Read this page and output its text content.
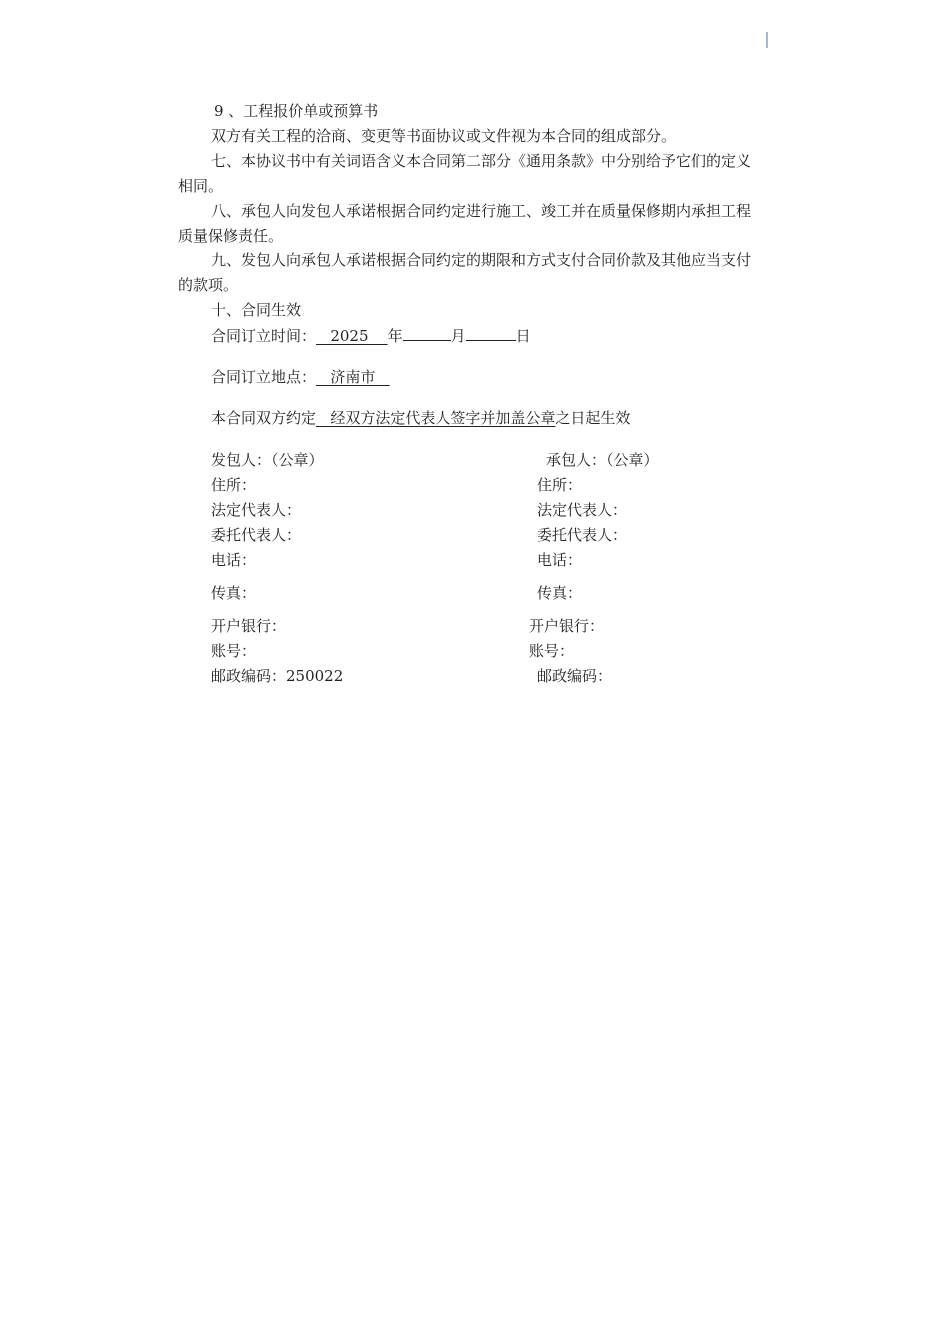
9 、工程报价单或预算书
双方有关工程的洽商、变更等书面协议或文件视为本合同的组成部分。
七、本协议书中有关词语含义本合同第二部分《通用条款》中分别给予它们的定义
相同。
八、承包人向发包人承诺根据合同约定进行施工、竣工并在质量保修期内承担工程
质量保修责任。
九、发包人向承包人承诺根据合同约定的期限和方式支付合同价款及其他应当支付
的款项。
十、合同生效
合同订立时间： 2025 年	月	日
合同订立地点： 济南市
本合同双方约定 经双方法定代表人签字并加盖公章之日起生效
发包人：（公章）
住所：
法定代表人：
委托代表人：
电话：
传真：
开户银行：
账号：
邮政编码：250022
承包人：（公章）
住所：
法定代表人：
委托代表人：
电话：
传真：
开户银行：
账号：
邮政编码：
